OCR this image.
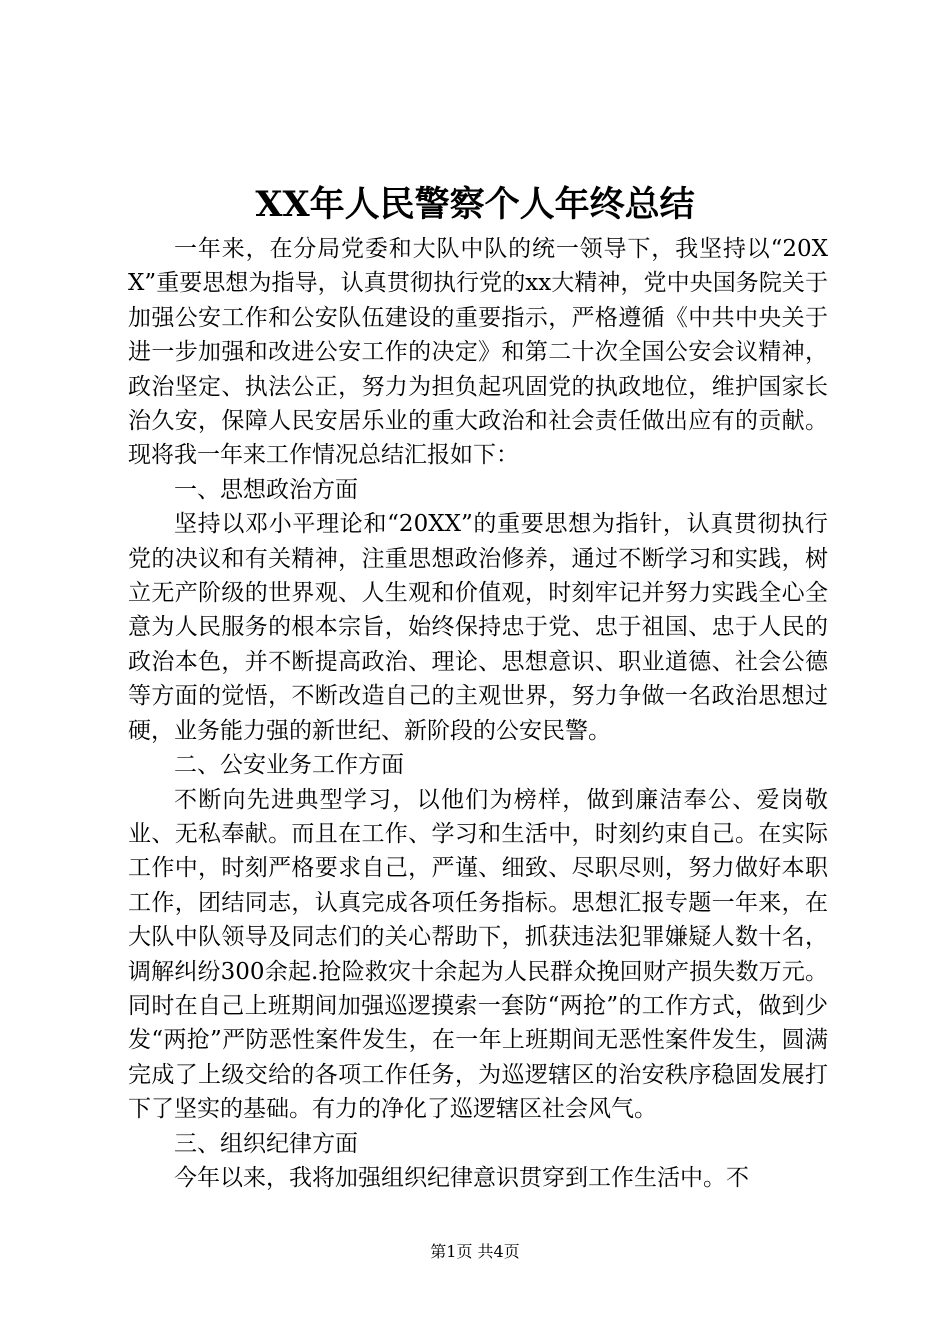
XX年人民警察个人年终总结

一年来，在分局党委和大队中队的统一领导下，我坚持以“20XX”重要思想为指导，认真贯彻执行党的xx大精神，党中央国务院关于加强公安工作和公安队伍建设的重要指示，严格遵循《中共中央关于进一步加强和改进公安工作的决定》和第二十次全国公安会议精神，政治坚定、执法公正，努力为担负起巩固党的执政地位，维护国家长治久安，保障人民安居乐业的重大政治和社会责任做出应有的贡献。现将我一年来工作情况总结汇报如下：

一、思想政治方面

坚持以邓小平理论和“20XX”的重要思想为指针，认真贯彻执行党的决议和有关精神，注重思想政治修养，通过不断学习和实践，树立无产阶级的世界观、人生观和价值观，时刻牢记并努力实践全心全意为人民服务的根本宗旨，始终保持忠于党、忠于祖国、忠于人民的政治本色，并不断提高政治、理论、思想意识、职业道德、社会公德等方面的觉悟，不断改造自己的主观世界，努力争做一名政治思想过硬，业务能力强的新世纪、新阶段的公安民警。

二、公安业务工作方面

不断向先进典型学习，以他们为榜样，做到廉洁奉公、爱岗敬业、无私奉献。而且在工作、学习和生活中，时刻约束自己。在实际工作中，时刻严格要求自己，严谨、细致、尽职尽则，努力做好本职工作，团结同志，认真完成各项任务指标。思想汇报专题一年来，在大队中队领导及同志们的关心帮助下，抓获违法犯罪嫌疑人数十名，调解纠纷300余起.抢险救灾十余起为人民群众挽回财产损失数万元。同时在自己上班期间加强巡逻摸索一套防“两抢”的工作方式，做到少发“两抢”严防恶性案件发生，在一年上班期间无恶性案件发生，圆满完成了上级交给的各项工作任务，为巡逻辖区的治安秩序稳固发展打下了坚实的基础。有力的净化了巡逻辖区社会风气。

三、组织纪律方面

今年以来，我将加强组织纪律意识贯穿到工作生活中。不

第1页 共4页
